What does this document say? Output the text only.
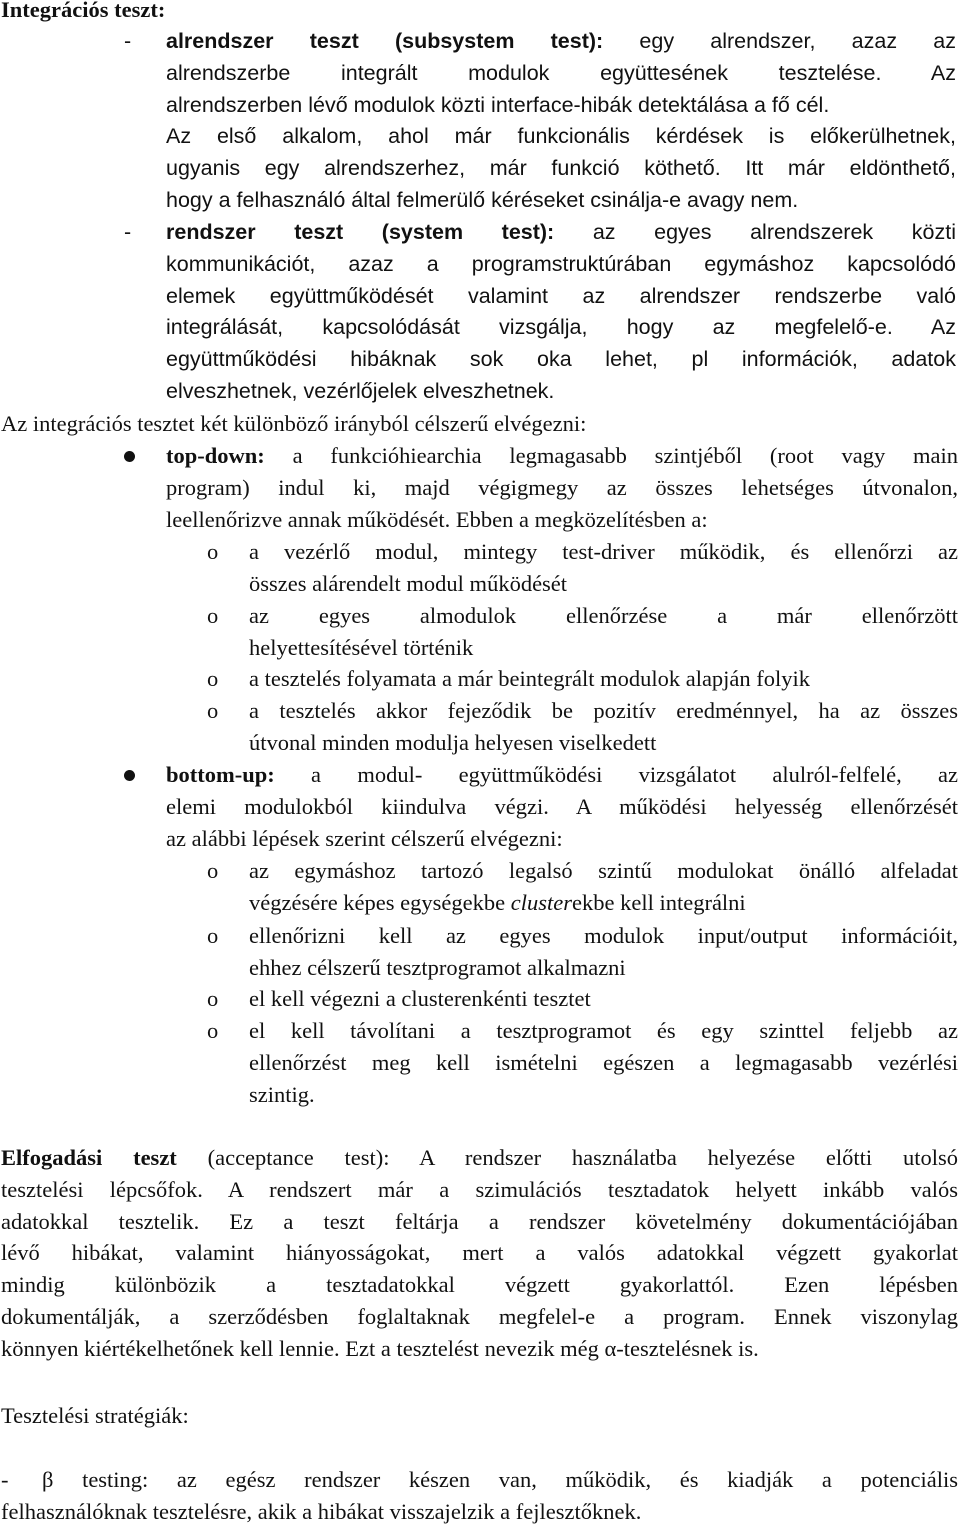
Integrációs teszt:
- alrendszer teszt (subsystem test): egy alrendszer, azaz az
alrendszerbe integrált modulok együttesének tesztelése. Az
alrendszerben lévő modulok közti interface-hibák detektálása a fő cél.
Az első alkalom, ahol már funkcionális kérdések is előkerülhetnek,
ugyanis egy alrendszerhez, már funkció köthető. Itt már eldönthető,
hogy a felhasználó által felmerülő kéréseket csinálja-e avagy nem.
- rendszer teszt (system test): az egyes alrendszerek közti
kommunikációt, azaz a programstruktúrában egymáshoz kapcsolódó
elemek együttműködését valamint az alrendszer rendszerbe való
integrálását, kapcsolódását vizsgálja, hogy az megfelelő-e. Az
együttműködési hibáknak sok oka lehet, pl információk, adatok
elveszhetnek, vezérlőjelek elveszhetnek.
Az integrációs tesztet két különböző irányból célszerű elvégezni:
top-down: a funkcióhiearchia legmagasabb szintjéből (root vagy main
program) indul ki, majd végigmegy az összes lehetséges útvonalon,
leellenőrizve annak működését. Ebben a megközelítésben a:
o a vezérlő modul, mintegy test-driver működik, és ellenőrzi az
összes alárendelt modul működését
o az egyes almodulok ellenőrzése a már ellenőrzött
helyettesítésével történik
o a tesztelés folyamata a már beintegrált modulok alapján folyik
o a tesztelés akkor fejeződik be pozitív eredménnyel, ha az összes
útvonal minden modulja helyesen viselkedett
bottom-up: a modul- együttműködési vizsgálatot alulról-felfelé, az
elemi modulokból kiindulva végzi. A működési helyesség ellenőrzését
az alábbi lépések szerint célszerű elvégezni:
o az egymáshoz tartozó legalsó szintű modulokat önálló alfeladat
végzésére képes egységekbe clusterekbe kell integrálni
o ellenőrizni kell az egyes modulok input/output információit,
ehhez célszerű tesztprogramot alkalmazni
o el kell végezni a clusterenkénti tesztet
o el kell távolítani a tesztprogramot és egy szinttel feljebb az
ellenőrzést meg kell ismételni egészen a legmagasabb vezérlési
szintig.
Elfogadási teszt (acceptance test): A rendszer használatba helyezése előtti utolsó
tesztelési lépcsőfok. A rendszert már a szimulációs tesztadatok helyett inkább valós
adatokkal tesztelik. Ez a teszt feltárja a rendszer követelmény dokumentációjában
lévő hibákat, valamint hiányosságokat, mert a valós adatokkal végzett gyakorlat
mindig különbözik a tesztadatokkal végzett gyakorlattól. Ezen lépésben
dokumentálják, a szerződésben foglaltaknak megfelel-e a program. Ennek viszonylag
könnyen kiértékelhetőnek kell lennie. Ezt a tesztelést nevezik még α-tesztelésnek is.
Tesztelési stratégiák:
-	β testing: az egész rendszer készen van, működik, és kiadják a potenciális
felhasználóknak tesztelésre, akik a hibákat visszajelzik a fejlesztőknek.
